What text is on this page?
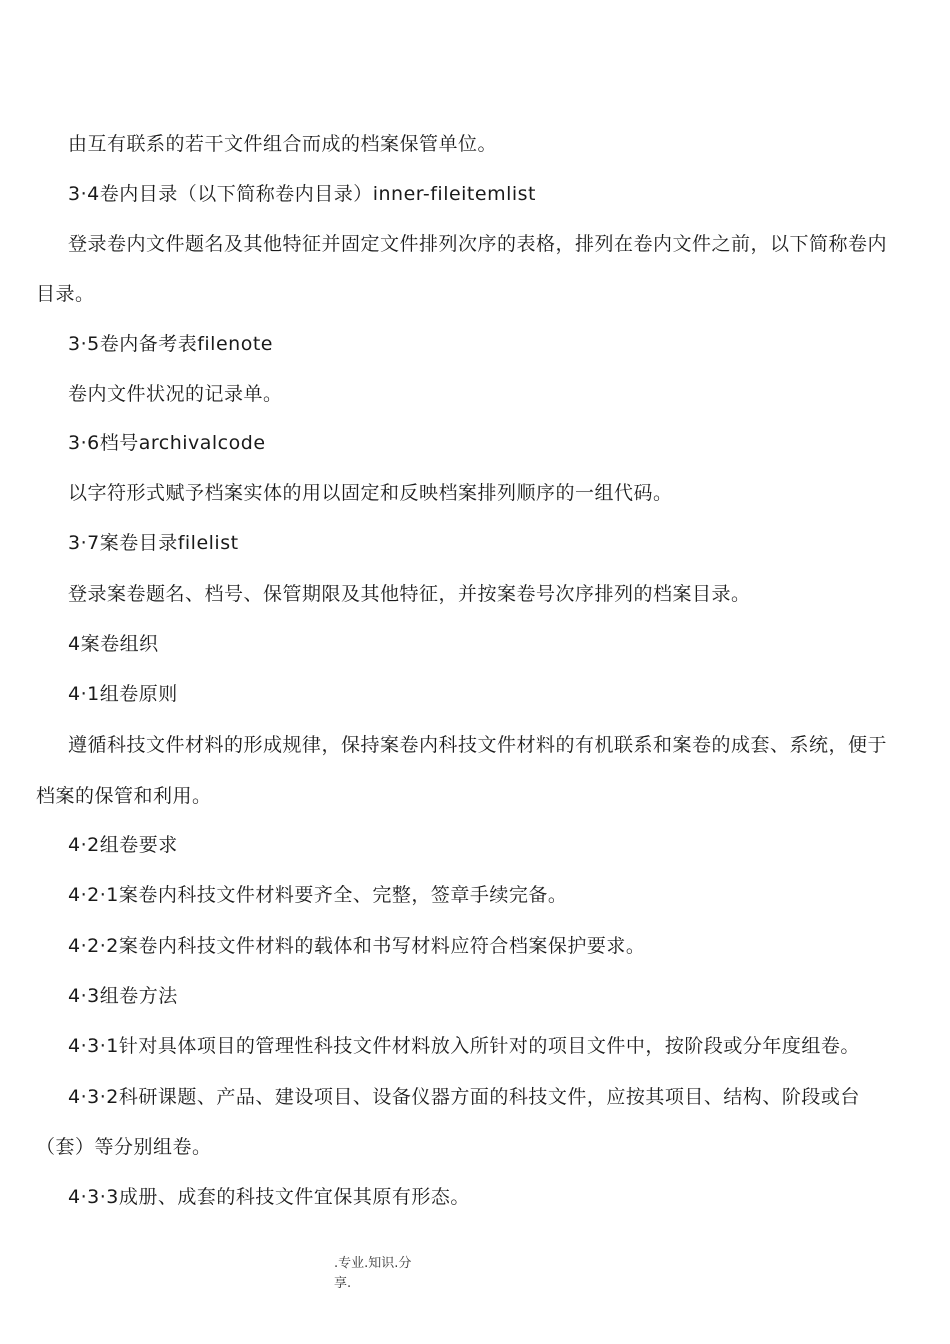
由互有联系的若干文件组合而成的档案保管单位。
3·4卷内目录（以下简称卷内目录）inner-fileitemlist
登录卷内文件题名及其他特征并固定文件排列次序的表格，排列在卷内文件之前，以下简称卷内
目录。
3·5卷内备考表filenote
卷内文件状况的记录单。
3·6档号archivalcode
以字符形式赋予档案实体的用以固定和反映档案排列顺序的一组代码。
3·7案卷目录filelist
登录案卷题名、档号、保管期限及其他特征，并按案卷号次序排列的档案目录。
4案卷组织
4·1组卷原则
遵循科技文件材料的形成规律，保持案卷内科技文件材料的有机联系和案卷的成套、系统，便于
档案的保管和利用。
4·2组卷要求
4·2·1案卷内科技文件材料要齐全、完整，签章手续完备。
4·2·2案卷内科技文件材料的载体和书写材料应符合档案保护要求。
4·3组卷方法
4·3·1针对具体项目的管理性科技文件材料放入所针对的项目文件中，按阶段或分年度组卷。
4·3·2科研课题、产品、建设项目、设备仪器方面的科技文件，应按其项目、结构、阶段或台
（套）等分别组卷。
4·3·3成册、成套的科技文件宜保其原有形态。
.专业.知识.分
享.
